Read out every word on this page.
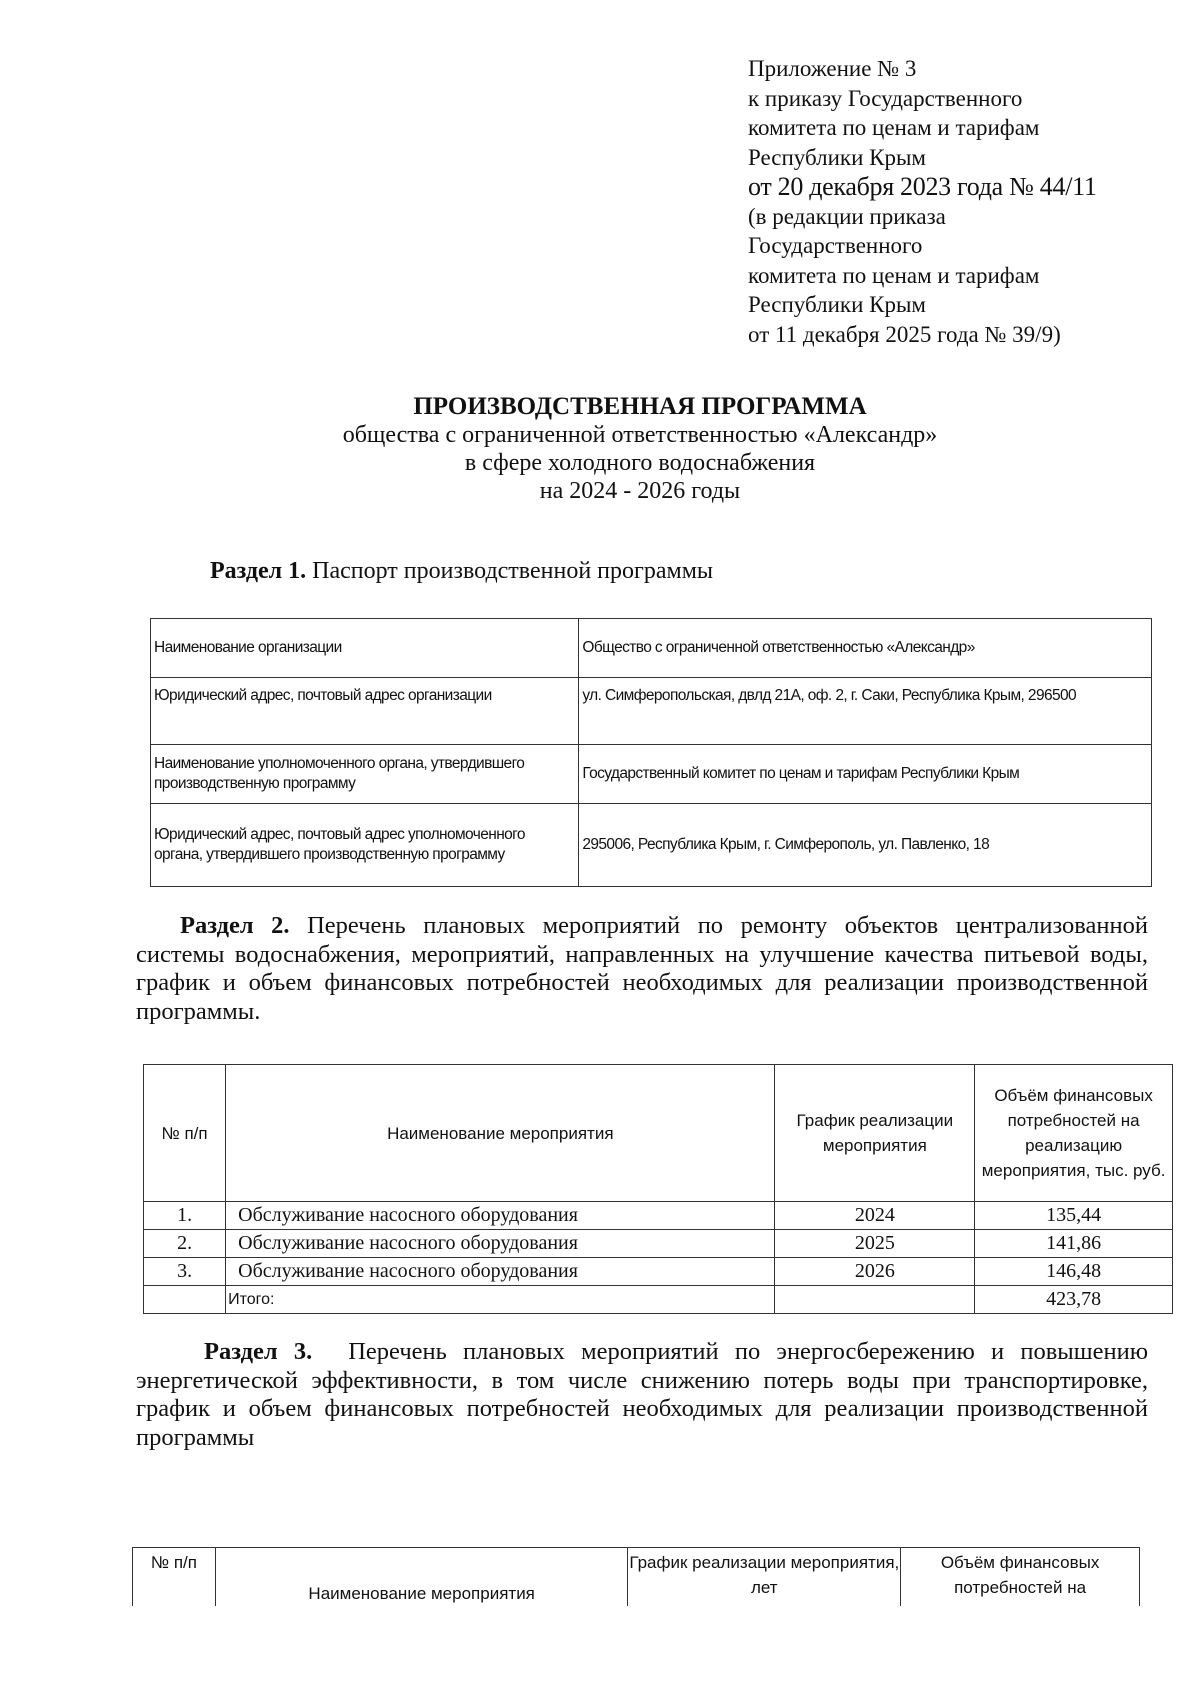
Приложение № 3
к приказу Государственного
комитета по ценам и тарифам
Республики Крым
от 20 декабря 2023 года № 44/11
(в редакции приказа
Государственного
комитета по ценам и тарифам
Республики Крым
от 11 декабря 2025 года № 39/9)
ПРОИЗВОДСТВЕННАЯ ПРОГРАММА
общества с ограниченной ответственностью «Александр»
в сфере холодного водоснабжения
на 2024 - 2026 годы
Раздел 1. Паспорт производственной программы
Наименование организации	Общество с ограниченной ответственностью «Александр»
Юридический адрес, почтовый адрес организации	ул. Симферопольская, двлд 21А, оф. 2, г. Саки, Республика Крым, 296500
Наименование уполномоченного органа, утвердившего производственную программу	Государственный комитет по ценам и тарифам Республики Крым
Юридический адрес, почтовый адрес уполномоченного органа, утвердившего производственную программу	295006, Республика Крым, г. Симферополь, ул. Павленко, 18
Раздел 2. Перечень плановых мероприятий по ремонту объектов централизованной системы водоснабжения, мероприятий, направленных на улучшение качества питьевой воды, график и объем финансовых потребностей необходимых для реализации производственной программы.
№ п/п	Наименование мероприятия	График реализации мероприятия	Объём финансовых потребностей на реализацию мероприятия, тыс. руб.
1.	Обслуживание насосного оборудования	2024	135,44
2.	Обслуживание насосного оборудования	2025	141,86
3.	Обслуживание насосного оборудования	2026	146,48
	Итого:		423,78
Раздел 3. Перечень плановых мероприятий по энергосбережению и повышению энергетической эффективности, в том числе снижению потерь воды при транспортировке, график и объем финансовых потребностей необходимых для реализации производственной программы
№ п/п	Наименование мероприятия	График реализации мероприятия, лет	Объём финансовых потребностей на
